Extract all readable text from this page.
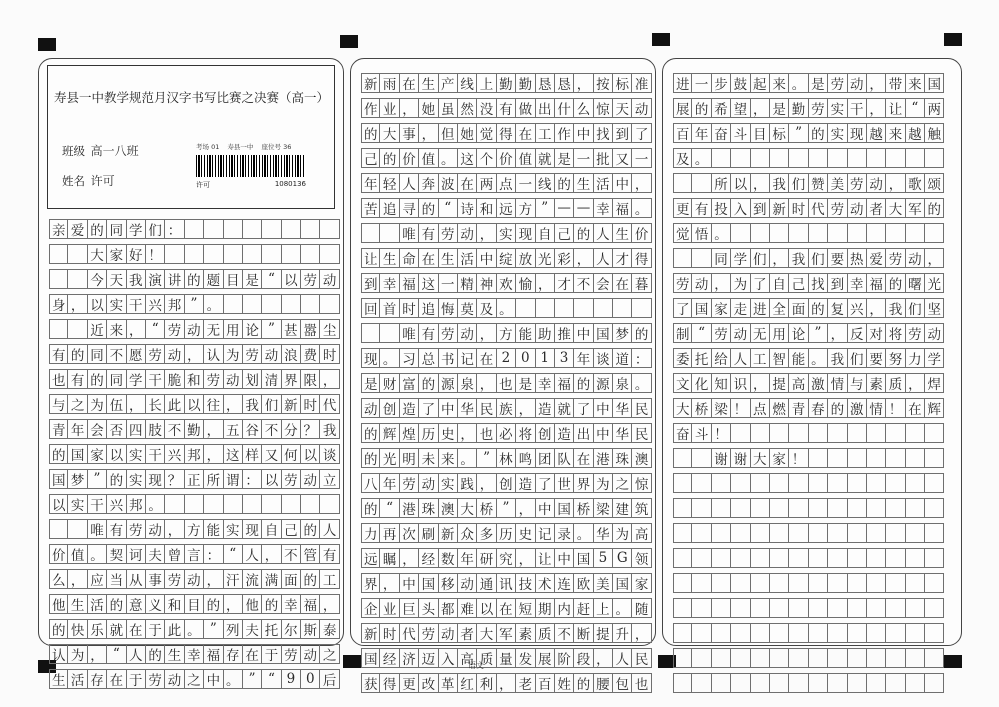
寿县一中教学规范月汉字书写比赛之决赛（高一）
班级 高一八班
姓名 许可
考场 01 寿县一中 座位号 36
许可	1080136
亲 爱 的 同 学 们 ：
大 家 好 ！
今 天 我 演 讲 的 题 目 是 “ 以 劳 动
身 ， 以 实 干 兴 邦 ” 。
近 来 ， “ 劳 动 无 用 论 ” 甚 嚣 尘
有 的 同 不 愿 劳 动 ， 认 为 劳 动 浪 费 时
也 有 的 同 学 干 脆 和 劳 动 划 清 界 限 ，
与 之 为 伍 ， 长 此 以 往 ， 我 们 新 时 代
青 年 会 否 四 肢 不 勤 ， 五 谷 不 分 ？ 我
的 国 家 以 实 干 兴 邦 ， 这 样 又 何 以 谈
国 梦 ” 的 实 现 ？ 正 所 谓 ： 以 劳 动 立
以 实 干 兴 邦 。
唯 有 劳 动 ， 方 能 实 现 自 己 的 人
价 值 。 契 诃 夫 曾 言 ： “ 人 ， 不 管 有
么 ， 应 当 从 事 劳 动 ， 汗 流 满 面 的 工
他 生 活 的 意 义 和 目 的 ， 他 的 幸 福 ，
的 快 乐 就 在 于 此 。 ” 列 夫 托 尔 斯 泰
认 为 ， “ 人 的 生 幸 福 存 在 于 劳 动 之
生 活 存 在 于 劳 动 之 中 。 ” “ 9 0 后
新 雨 在 生 产 线 上 勤 勤 恳 恳 ， 按 标 准
作 业 ， 她 虽 然 没 有 做 出 什 么 惊 天 动
的 大 事 ， 但 她 觉 得 在 工 作 中 找 到 了
己 的 价 值 。 这 个 价 值 就 是 一 批 又 一
年 轻 人 奔 波 在 两 点 一 线 的 生 活 中 ，
苦 追 寻 的 “ 诗 和 远 方 ” — — 幸 福 。
唯 有 劳 动 ， 实 现 自 己 的 人 生 价
让 生 命 在 生 活 中 绽 放 光 彩 ， 人 才 得
到 幸 福 这 一 精 神 欢 愉 ， 才 不 会 在 暮
回 首 时 追 悔 莫 及 。
唯 有 劳 动 ， 方 能 助 推 中 国 梦 的
现 。 习 总 书 记 在 2 0 1 3 年 谈 道 ：
是 财 富 的 源 泉 ， 也 是 幸 福 的 源 泉 。
动 创 造 了 中 华 民 族 ， 造 就 了 中 华 民
的 辉 煌 历 史 ， 也 必 将 创 造 出 中 华 民
的 光 明 未 来 。 ” 林 鸣 团 队 在 港 珠 澳
八 年 劳 动 实 践 ， 创 造 了 世 界 为 之 惊
的 “ 港 珠 澳 大 桥 ” ， 中 国 桥 梁 建 筑
力 再 次 刷 新 众 多 历 史 记 录 。 华 为 高
远 瞩 ， 经 数 年 研 究 ， 让 中 国 5 G 领
界 ， 中 国 移 动 通 讯 技 术 连 欧 美 国 家
企 业 巨 头 都 难 以 在 短 期 内 赶 上 。 随
新 时 代 劳 动 者 大 军 素 质 不 断 提 升 ，
国 经 济 迈 入 高 质 量 发 展 阶 段 ， 人 民
获 得 更 改 革 红 利 ， 老 百 姓 的 腰 包 也
进 一 步 鼓 起 来 。 是 劳 动 ， 带 来 国
展 的 希 望 ， 是 勤 劳 实 干 ， 让 “ 两
百 年 奋 斗 目 标 ” 的 实 现 越 来 越 触
及 。
所 以 ， 我 们 赞 美 劳 动 ， 歌 颂
更 有 投 入 到 新 时 代 劳 动 者 大 军 的
觉 悟 。
同 学 们 ， 我 们 要 热 爱 劳 动 ，
劳 动 ， 为 了 自 己 找 到 幸 福 的 曙 光
了 国 家 走 进 全 面 的 复 兴 ， 我 们 坚
制 “ 劳 动 无 用 论 ” ， 反 对 将 劳 动
委 托 给 人 工 智 能 。 我 们 要 努 力 学
文 化 知 识 ， 提 高 激 情 与 素 质 ， 焊
大 桥 梁 ！ 点 燃 青 春 的 激 情 ！ 在 辉
奋 斗 ！
谢 谢 大 家 ！
语文
